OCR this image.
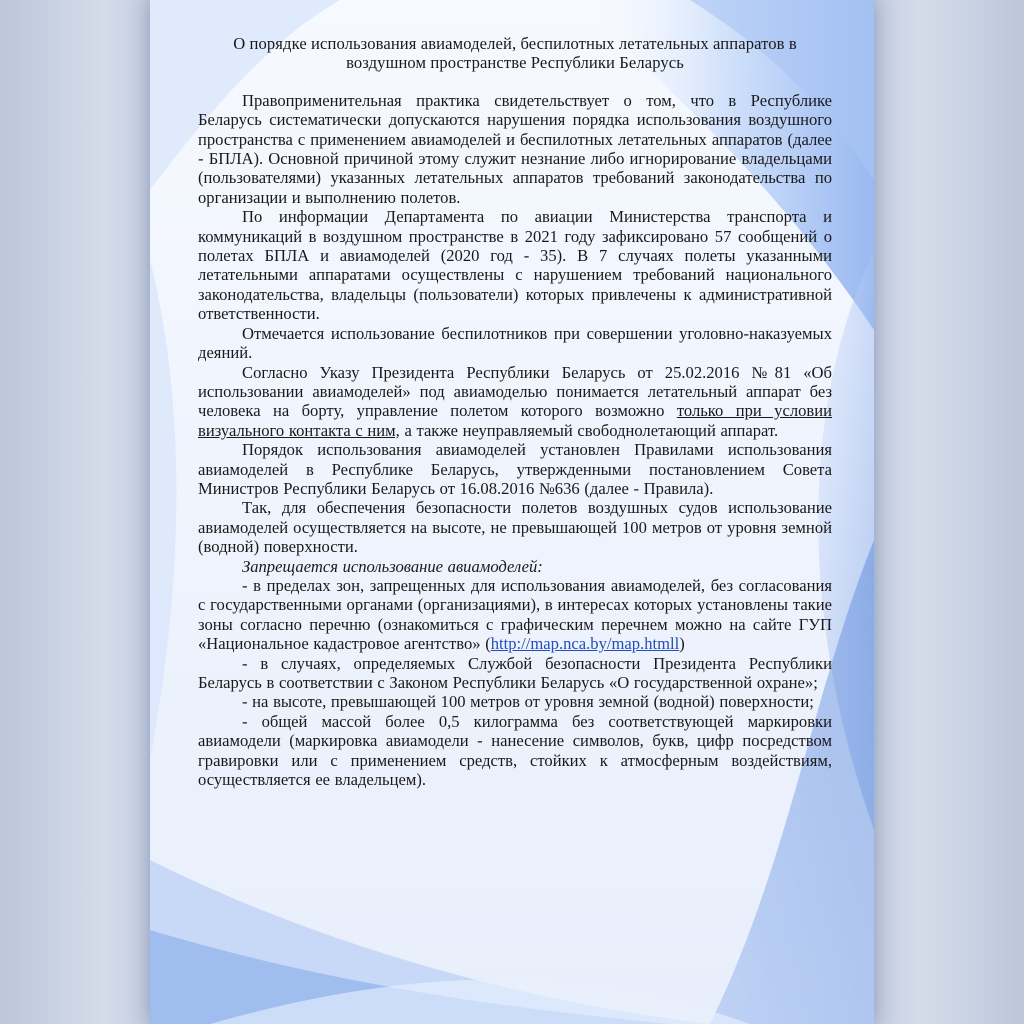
О порядке использования авиамоделей, беспилотных летательных аппаратов в воздушном пространстве Республики Беларусь

Правоприменительная практика свидетельствует о том, что в Республике Беларусь систематически допускаются нарушения порядка использования воздушного пространства с применением авиамоделей и беспилотных летательных аппаратов (далее - БПЛА). Основной причиной этому служит незнание либо игнорирование владельцами (пользователями) указанных летательных аппаратов требований законодательства по организации и выполнению полетов.

По информации Департамента по авиации Министерства транспорта и коммуникаций в воздушном пространстве в 2021 году зафиксировано 57 сообщений о полетах БПЛА и авиамоделей (2020 год - 35). В 7 случаях полеты указанными летательными аппаратами осуществлены с нарушением требований национального законодательства, владельцы (пользователи) которых привлечены к административной ответственности.

Отмечается использование беспилотников при совершении уголовно-наказуемых деяний.

Согласно Указу Президента Республики Беларусь от 25.02.2016 №81 «Об использовании авиамоделей» под авиамоделью понимается летательный аппарат без человека на борту, управление полетом которого возможно только при условии визуального контакта с ним, а также неуправляемый свободнолетающий аппарат.

Порядок использования авиамоделей установлен Правилами использования авиамоделей в Республике Беларусь, утвержденными постановлением Совета Министров Республики Беларусь от 16.08.2016 №636 (далее - Правила).

Так, для обеспечения безопасности полетов воздушных судов использование авиамоделей осуществляется на высоте, не превышающей 100 метров от уровня земной (водной) поверхности.

Запрещается использование авиамоделей:

- в пределах зон, запрещенных для использования авиамоделей, без согласования с государственными органами (организациями), в интересах которых установлены такие зоны согласно перечню (ознакомиться с графическим перечнем можно на сайте ГУП «Национальное кадастровое агентство» (http://map.nca.by/map.htmll)

- в случаях, определяемых Службой безопасности Президента Республики Беларусь в соответствии с Законом Республики Беларусь «О государственной охране»;

- на высоте, превышающей 100 метров от уровня земной (водной) поверхности;

- общей массой более 0,5 килограмма без соответствующей маркировки авиамодели (маркировка авиамодели - нанесение символов, букв, цифр посредством гравировки или с применением средств, стойких к атмосферным воздействиям, осуществляется ее владельцем).
